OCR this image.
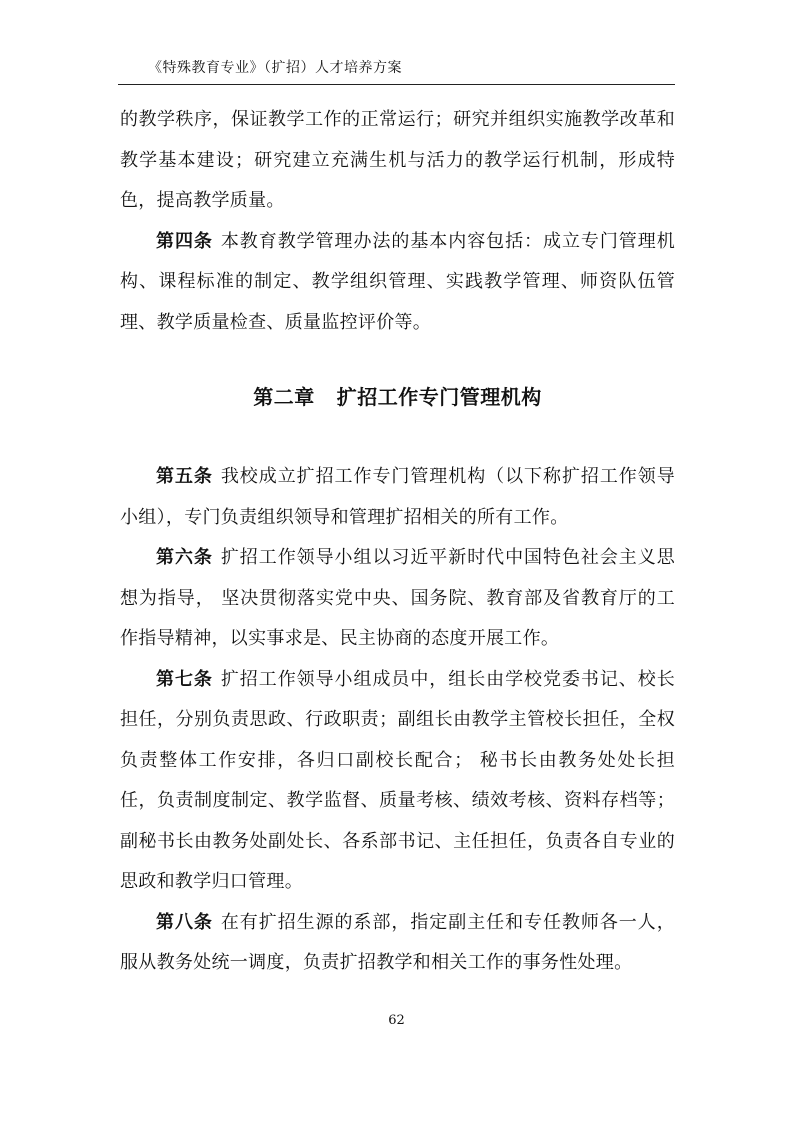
《特殊教育专业》（扩招）人才培养方案

的教学秩序，保证教学工作的正常运行；研究并组织实施教学改革和教学基本建设；研究建立充满生机与活力的教学运行机制，形成特色，提高教学质量。

第四条 本教育教学管理办法的基本内容包括：成立专门管理机构、课程标准的制定、教学组织管理、实践教学管理、师资队伍管理、教学质量检查、质量监控评价等。

第二章 扩招工作专门管理机构

第五条 我校成立扩招工作专门管理机构（以下称扩招工作领导小组），专门负责组织领导和管理扩招相关的所有工作。

第六条 扩招工作领导小组以习近平新时代中国特色社会主义思想为指导， 坚决贯彻落实党中央、国务院、教育部及省教育厅的工作指导精神，以实事求是、民主协商的态度开展工作。

第七条 扩招工作领导小组成员中，组长由学校党委书记、校长担任，分别负责思政、行政职责；副组长由教学主管校长担任，全权负责整体工作安排，各归口副校长配合； 秘书长由教务处处长担任，负责制度制定、教学监督、质量考核、绩效考核、资料存档等；副秘书长由教务处副处长、各系部书记、主任担任，负责各自专业的思政和教学归口管理。

第八条 在有扩招生源的系部，指定副主任和专任教师各一人，服从教务处统一调度，负责扩招教学和相关工作的事务性处理。

62
